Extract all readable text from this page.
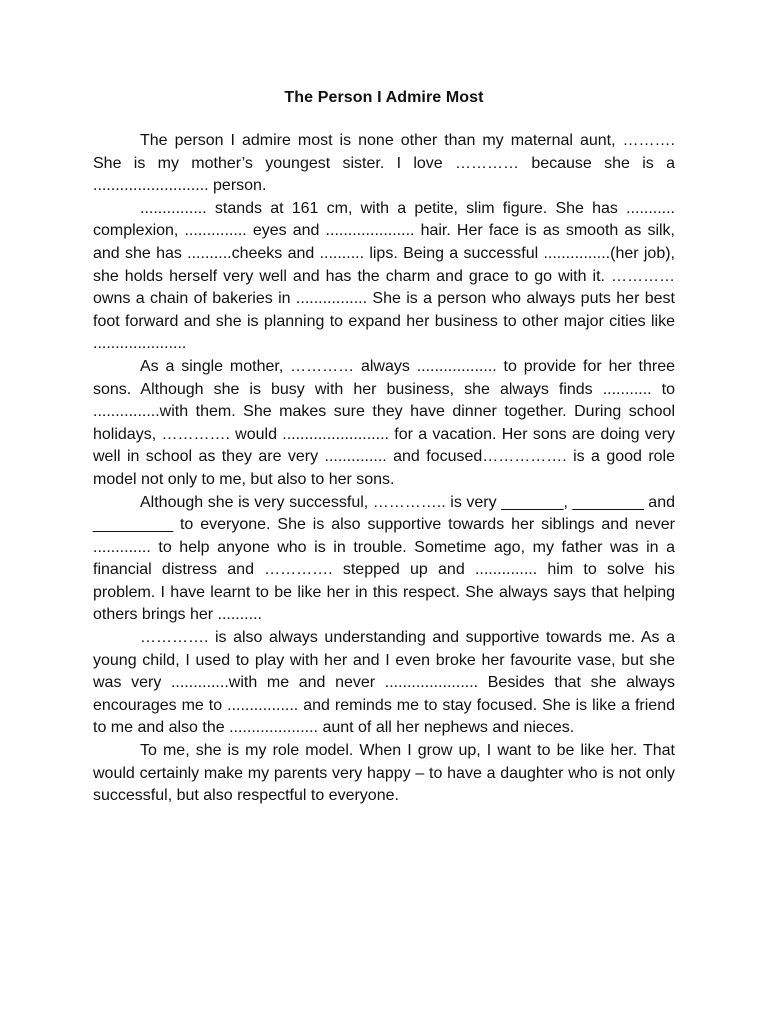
The Person I Admire Most

The person I admire most is none other than my maternal aunt, ………. She is my mother’s youngest sister. I love ………… because she is a .......................... person.

............... stands at 161 cm, with a petite, slim figure. She has ........... complexion, .............. eyes and .................... hair. Her face is as smooth as silk, and she has ..........cheeks and .......... lips. Being a successful ...............(her job), she holds herself very well and has the charm and grace to go with it. ………… owns a chain of bakeries in ................ She is a person who always puts her best foot forward and she is planning to expand her business to other major cities like .....................

As a single mother, ………… always .................. to provide for her three sons. Although she is busy with her business, she always finds ........... to ...............with them. She makes sure they have dinner together. During school holidays, …………. would ........................ for a vacation. Her sons are doing very well in school as they are very .............. and focused……………. is a good role model not only to me, but also to her sons.

Although she is very successful, ………….. is very _______, ________ and _________ to everyone. She is also supportive towards her siblings and never ............. to help anyone who is in trouble. Sometime ago, my father was in a financial distress and …………. stepped up and .............. him to solve his problem. I have learnt to be like her in this respect. She always says that helping others brings her ..........

…………. is also always understanding and supportive towards me. As a young child, I used to play with her and I even broke her favourite vase, but she was very .............with me and never ..................... Besides that she always encourages me to ................ and reminds me to stay focused. She is like a friend to me and also the .................... aunt of all her nephews and nieces.

To me, she is my role model. When I grow up, I want to be like her. That would certainly make my parents very happy – to have a daughter who is not only successful, but also respectful to everyone.
